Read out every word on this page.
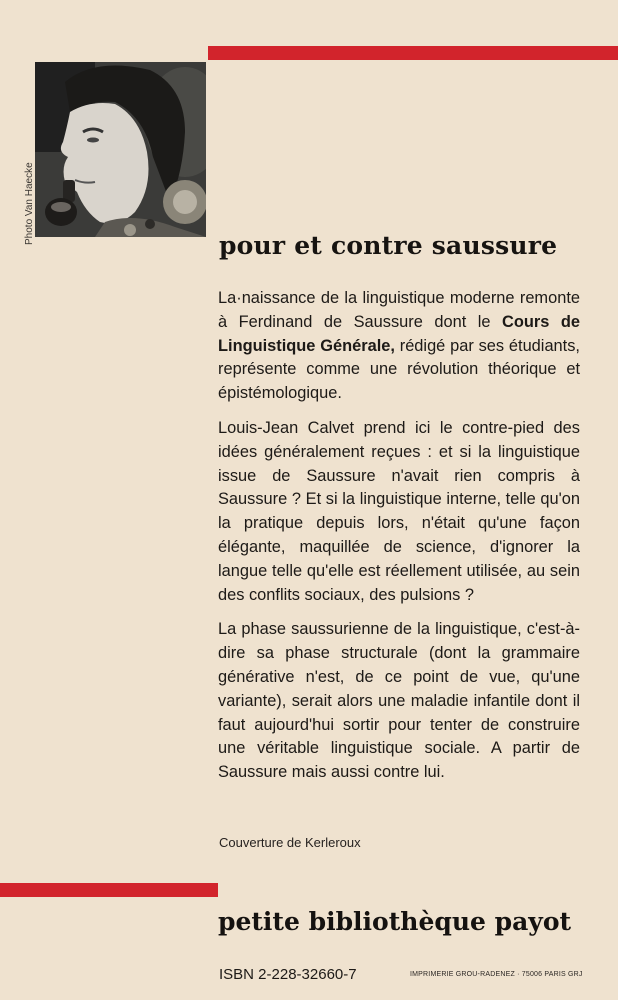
Photo Van Haecke
pour et contre saussure

La·naissance de la linguistique moderne remonte à Ferdinand de Saussure dont le Cours de Linguistique Générale, rédigé par ses étudiants, représente comme une révolution théorique et épistémologique.

Louis-Jean Calvet prend ici le contre-pied des idées généralement reçues : et si la linguistique issue de Saussure n'avait rien compris à Saussure ? Et si la linguistique interne, telle qu'on la pratique depuis lors, n'était qu'une façon élégante, maquillée de science, d'ignorer la langue telle qu'elle est réellement utilisée, au sein des conflits sociaux, des pulsions ?

La phase saussurienne de la linguistique, c'est-à-dire sa phase structurale (dont la grammaire générative n'est, de ce point de vue, qu'une variante), serait alors une maladie infantile dont il faut aujourd'hui sortir pour tenter de construire une véritable linguistique sociale. A partir de Saussure mais aussi contre lui.

Couverture de Kerleroux
petite bibliothèque payot
ISBN 2-228-32660-7	IMPRIMERIE GROU-RADENEZ · 75006 PARIS GRJ
